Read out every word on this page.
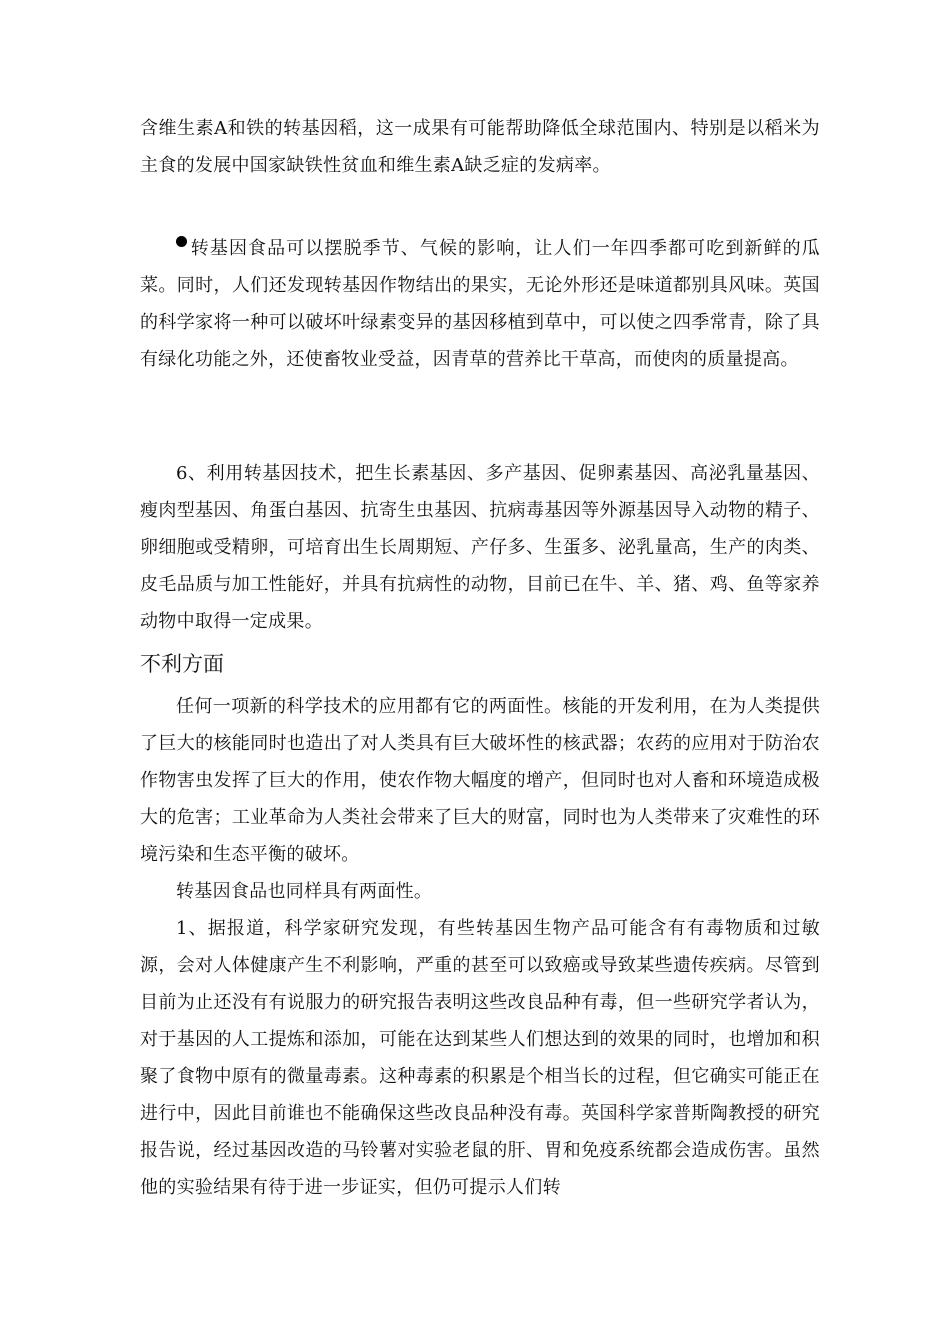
含维生素A和铁的转基因稻，这一成果有可能帮助降低全球范围内、特别是以稻米为主食的发展中国家缺铁性贫血和维生素A缺乏症的发病率。

转基因食品可以摆脱季节、气候的影响，让人们一年四季都可吃到新鲜的瓜菜。同时，人们还发现转基因作物结出的果实，无论外形还是味道都别具风味。英国的科学家将一种可以破坏叶绿素变异的基因移植到草中，可以使之四季常青，除了具有绿化功能之外，还使畜牧业受益，因青草的营养比干草高，而使肉的质量提高。

6、利用转基因技术，把生长素基因、多产基因、促卵素基因、高泌乳量基因、瘦肉型基因、角蛋白基因、抗寄生虫基因、抗病毒基因等外源基因导入动物的精子、卵细胞或受精卵，可培育出生长周期短、产仔多、生蛋多、泌乳量高，生产的肉类、皮毛品质与加工性能好，并具有抗病性的动物，目前已在牛、羊、猪、鸡、鱼等家养动物中取得一定成果。

不利方面

任何一项新的科学技术的应用都有它的两面性。核能的开发利用，在为人类提供了巨大的核能同时也造出了对人类具有巨大破坏性的核武器；农药的应用对于防治农作物害虫发挥了巨大的作用，使农作物大幅度的增产，但同时也对人畜和环境造成极大的危害；工业革命为人类社会带来了巨大的财富，同时也为人类带来了灾难性的环境污染和生态平衡的破坏。

转基因食品也同样具有两面性。

1、据报道，科学家研究发现，有些转基因生物产品可能含有有毒物质和过敏源，会对人体健康产生不利影响，严重的甚至可以致癌或导致某些遗传疾病。尽管到目前为止还没有有说服力的研究报告表明这些改良品种有毒，但一些研究学者认为，对于基因的人工提炼和添加，可能在达到某些人们想达到的效果的同时，也增加和积聚了食物中原有的微量毒素。这种毒素的积累是个相当长的过程，但它确实可能正在进行中，因此目前谁也不能确保这些改良品种没有毒。英国科学家普斯陶教授的研究报告说，经过基因改造的马铃薯对实验老鼠的肝、胃和免疫系统都会造成伤害。虽然他的实验结果有待于进一步证实，但仍可提示人们转
